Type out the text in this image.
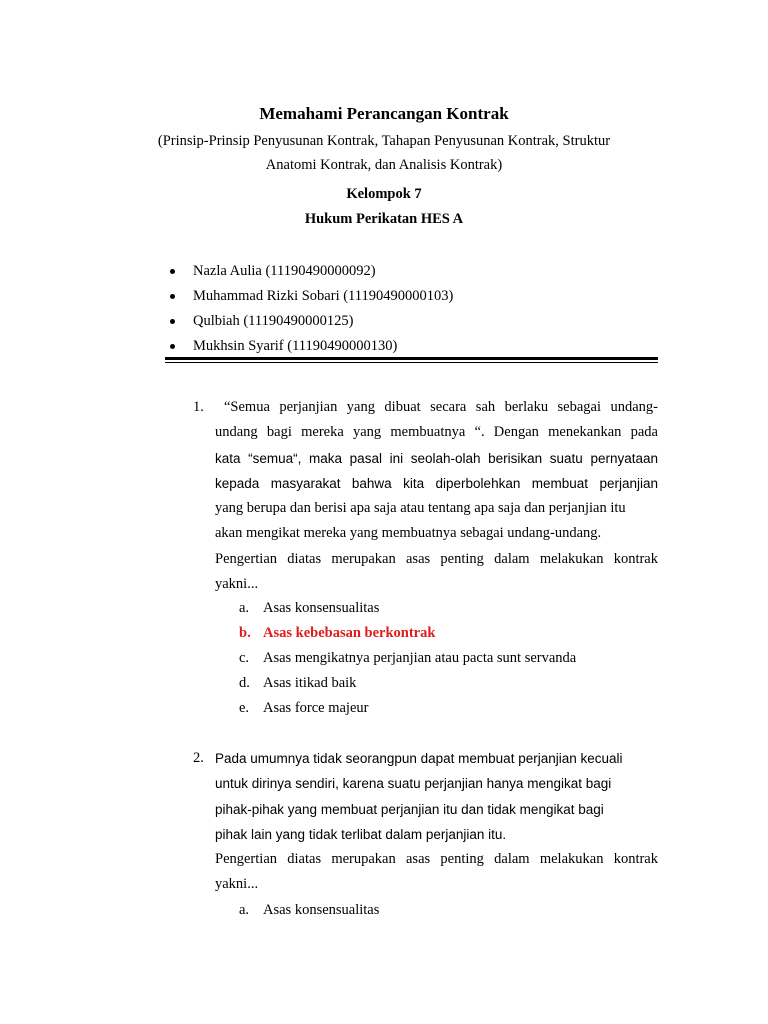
Memahami Perancangan Kontrak
(Prinsip-Prinsip Penyusunan Kontrak, Tahapan Penyusunan Kontrak, Struktur
Anatomi Kontrak, dan Analisis Kontrak)
Kelompok 7
Hukum Perikatan HES A
Nazla Aulia (11190490000092)
Muhammad Rizki Sobari (11190490000103)
Qulbiah (11190490000125)
Mukhsin Syarif (11190490000130)
1.	“Semua perjanjian yang dibuat secara sah berlaku sebagai undang-
undang bagi mereka yang membuatnya “. Dengan menekankan pada
kata “semua“, maka pasal ini seolah-olah berisikan suatu pernyataan
kepada masyarakat bahwa kita diperbolehkan membuat perjanjian
yang berupa dan berisi apa saja atau tentang apa saja dan perjanjian itu
akan mengikat mereka yang membuatnya sebagai undang-undang.
Pengertian diatas merupakan asas penting dalam melakukan kontrak
yakni...
a. Asas konsensualitas
b. Asas kebebasan berkontrak
c. Asas mengikatnya perjanjian atau pacta sunt servanda
d. Asas itikad baik
e. Asas force majeur
2. Pada umumnya tidak seorangpun dapat membuat perjanjian kecuali
untuk dirinya sendiri, karena suatu perjanjian hanya mengikat bagi
pihak-pihak yang membuat perjanjian itu dan tidak mengikat bagi
pihak lain yang tidak terlibat dalam perjanjian itu.
Pengertian diatas merupakan asas penting dalam melakukan kontrak
yakni...
a. Asas konsensualitas
